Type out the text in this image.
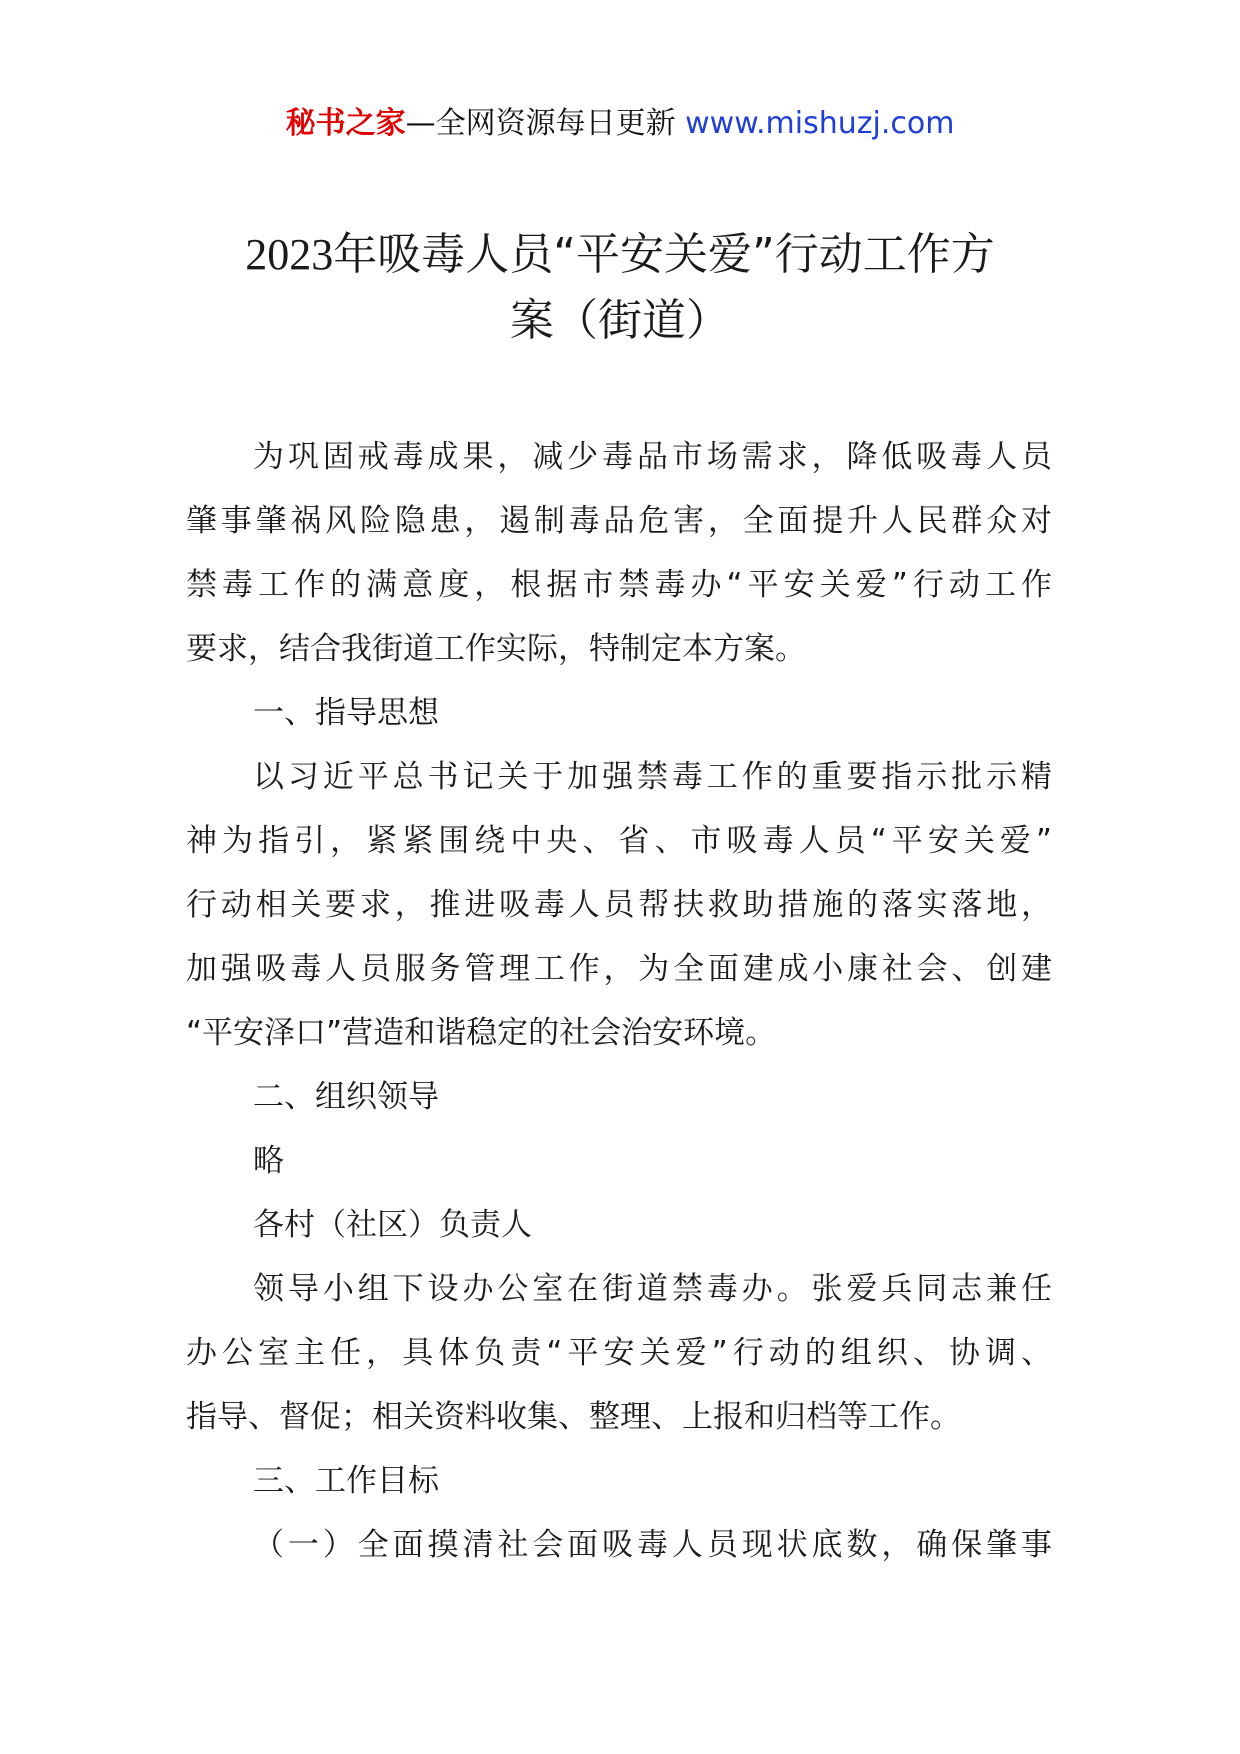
秘书之家—全网资源每日更新 www.mishuzj.com
2023年吸毒人员“平安关爱”行动工作方
案（街道）
为巩固戒毒成果，减少毒品市场需求，降低吸毒人员
肇事肇祸风险隐患，遏制毒品危害，全面提升人民群众对
禁毒工作的满意度，根据市禁毒办“平安关爱”行动工作
要求，结合我街道工作实际，特制定本方案。
一、指导思想
以习近平总书记关于加强禁毒工作的重要指示批示精
神为指引，紧紧围绕中央、省、市吸毒人员“平安关爱”
行动相关要求，推进吸毒人员帮扶救助措施的落实落地，
加强吸毒人员服务管理工作，为全面建成小康社会、创建
“平安泽口”营造和谐稳定的社会治安环境。
二、组织领导
略
各村（社区）负责人
领导小组下设办公室在街道禁毒办。张爱兵同志兼任
办公室主任，具体负责“平安关爱”行动的组织、协调、
指导、督促；相关资料收集、整理、上报和归档等工作。
三、工作目标
（一）全面摸清社会面吸毒人员现状底数，确保肇事
